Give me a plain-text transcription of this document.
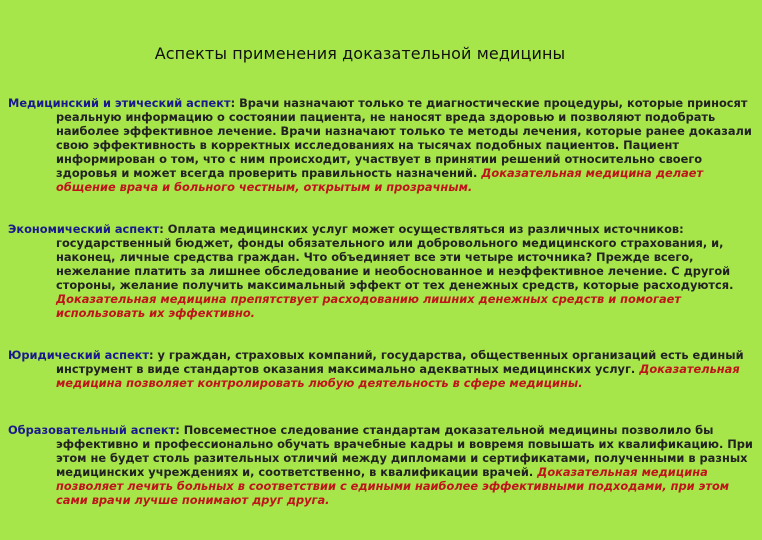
Аспекты применения доказательной медицины
Медицинский и этический аспект: Врачи назначают только те диагностические процедуры, которые приносят реальную информацию о состоянии пациента, не наносят вреда здоровью и позволяют подобрать наиболее эффективное лечение. Врачи назначают только те методы лечения, которые ранее доказали свою эффективность в корректных исследованиях на тысячах подобных пациентов. Пациент информирован о том, что с ним происходит, участвует в принятии решений относительно своего здоровья и может всегда проверить правильность назначений. Доказательная медицина делает общение врача и больного честным, открытым и прозрачным.
Экономический аспект: Оплата медицинских услуг может осуществляться из различных источников: государственный бюджет, фонды обязательного или добровольного медицинского страхования, и, наконец, личные средства граждан. Что объединяет все эти четыре источника? Прежде всего, нежелание платить за лишнее обследование и необоснованное и неэффективное лечение. С другой стороны, желание получить максимальный эффект от тех денежных средств, которые расходуются. Доказательная медицина препятствует расходованию лишних денежных средств и помогает использовать их эффективно.
Юридический аспект: у граждан, страховых компаний, государства, общественных организаций есть единый инструмент в виде стандартов оказания максимально адекватных медицинских услуг. Доказательная медицина позволяет контролировать любую деятельность в сфере медицины.
Образовательный аспект: Повсеместное следование стандартам доказательной медицины позволило бы эффективно и профессионально обучать врачебные кадры и вовремя повышать их квалификацию. При этом не будет столь разительных отличий между дипломами и сертификатами, полученными в разных медицинских учреждениях и, соответственно, в квалификации врачей. Доказательная медицина позволяет лечить больных в соответствии с едиными наиболее эффективными подходами, при этом сами врачи лучше понимают друг друга.
